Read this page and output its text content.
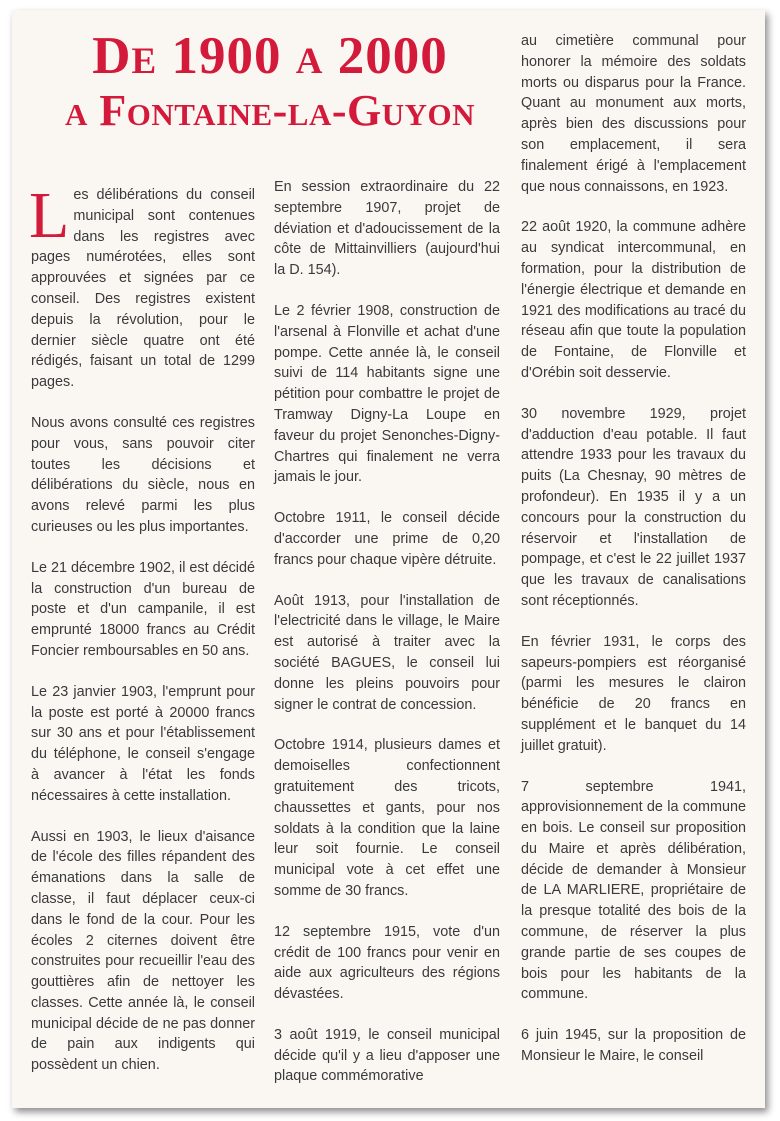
De 1900 a 2000
a Fontaine-la-Guyon

Les délibérations du conseil municipal sont contenues dans les registres avec pages numérotées, elles sont approuvées et signées par ce conseil. Des registres existent depuis la révolution, pour le dernier siècle quatre ont été rédigés, faisant un total de 1299 pages.

Nous avons consulté ces registres pour vous, sans pouvoir citer toutes les décisions et délibérations du siècle, nous en avons relevé parmi les plus curieuses ou les plus importantes.

Le 21 décembre 1902, il est décidé la construction d'un bureau de poste et d'un campanile, il est emprunté 18000 francs au Crédit Foncier remboursables en 50 ans.

Le 23 janvier 1903, l'emprunt pour la poste est porté à 20000 francs sur 30 ans et pour l'établissement du téléphone, le conseil s'engage à avancer à l'état les fonds nécessaires à cette installation.

Aussi en 1903, le lieux d'aisance de l'école des filles répandent des émanations dans la salle de classe, il faut déplacer ceux-ci dans le fond de la cour. Pour les écoles 2 citernes doivent être construites pour recueillir l'eau des gouttières afin de nettoyer les classes. Cette année là, le conseil municipal décide de ne pas donner de pain aux indigents qui possèdent un chien.

En session extraordinaire du 22 septembre 1907, projet de déviation et d'adoucissement de la côte de Mittainvilliers (aujourd'hui la D. 154).

Le 2 février 1908, construction de l'arsenal à Flonville et achat d'une pompe. Cette année là, le conseil suivi de 114 habitants signe une pétition pour combattre le projet de Tramway Digny-La Loupe en faveur du projet Senonches-Digny-Chartres qui finalement ne verra jamais le jour.

Octobre 1911, le conseil décide d'accorder une prime de 0,20 francs pour chaque vipère détruite.

Août 1913, pour l'installation de l'electricité dans le village, le Maire est autorisé à traiter avec la société BAGUES, le conseil lui donne les pleins pouvoirs pour signer le contrat de concession.

Octobre 1914, plusieurs dames et demoiselles confectionnent gratuitement des tricots, chaussettes et gants, pour nos soldats à la condition que la laine leur soit fournie. Le conseil municipal vote à cet effet une somme de 30 francs.

12 septembre 1915, vote d'un crédit de 100 francs pour venir en aide aux agriculteurs des régions dévastées.

3 août 1919, le conseil municipal décide qu'il y a lieu d'apposer une plaque commémorative

au cimetière communal pour honorer la mémoire des soldats morts ou disparus pour la France. Quant au monument aux morts, après bien des discussions pour son emplacement, il sera finalement érigé à l'emplacement que nous connaissons, en 1923.

22 août 1920, la commune adhère au syndicat intercommunal, en formation, pour la distribution de l'énergie électrique et demande en 1921 des modifications au tracé du réseau afin que toute la population de Fontaine, de Flonville et d'Orébin soit desservie.

30 novembre 1929, projet d'adduction d'eau potable. Il faut attendre 1933 pour les travaux du puits (La Chesnay, 90 mètres de profondeur). En 1935 il y a un concours pour la construction du réservoir et l'installation de pompage, et c'est le 22 juillet 1937 que les travaux de canalisations sont réceptionnés.

En février 1931, le corps des sapeurs-pompiers est réorganisé (parmi les mesures le clairon bénéficie de 20 francs en supplément et le banquet du 14 juillet gratuit).

7 septembre 1941, approvisionnement de la commune en bois. Le conseil sur proposition du Maire et après délibération, décide de demander à Monsieur de LA MARLIERE, propriétaire de la presque totalité des bois de la commune, de réserver la plus grande partie de ses coupes de bois pour les habitants de la commune.

6 juin 1945, sur la proposition de Monsieur le Maire, le conseil
